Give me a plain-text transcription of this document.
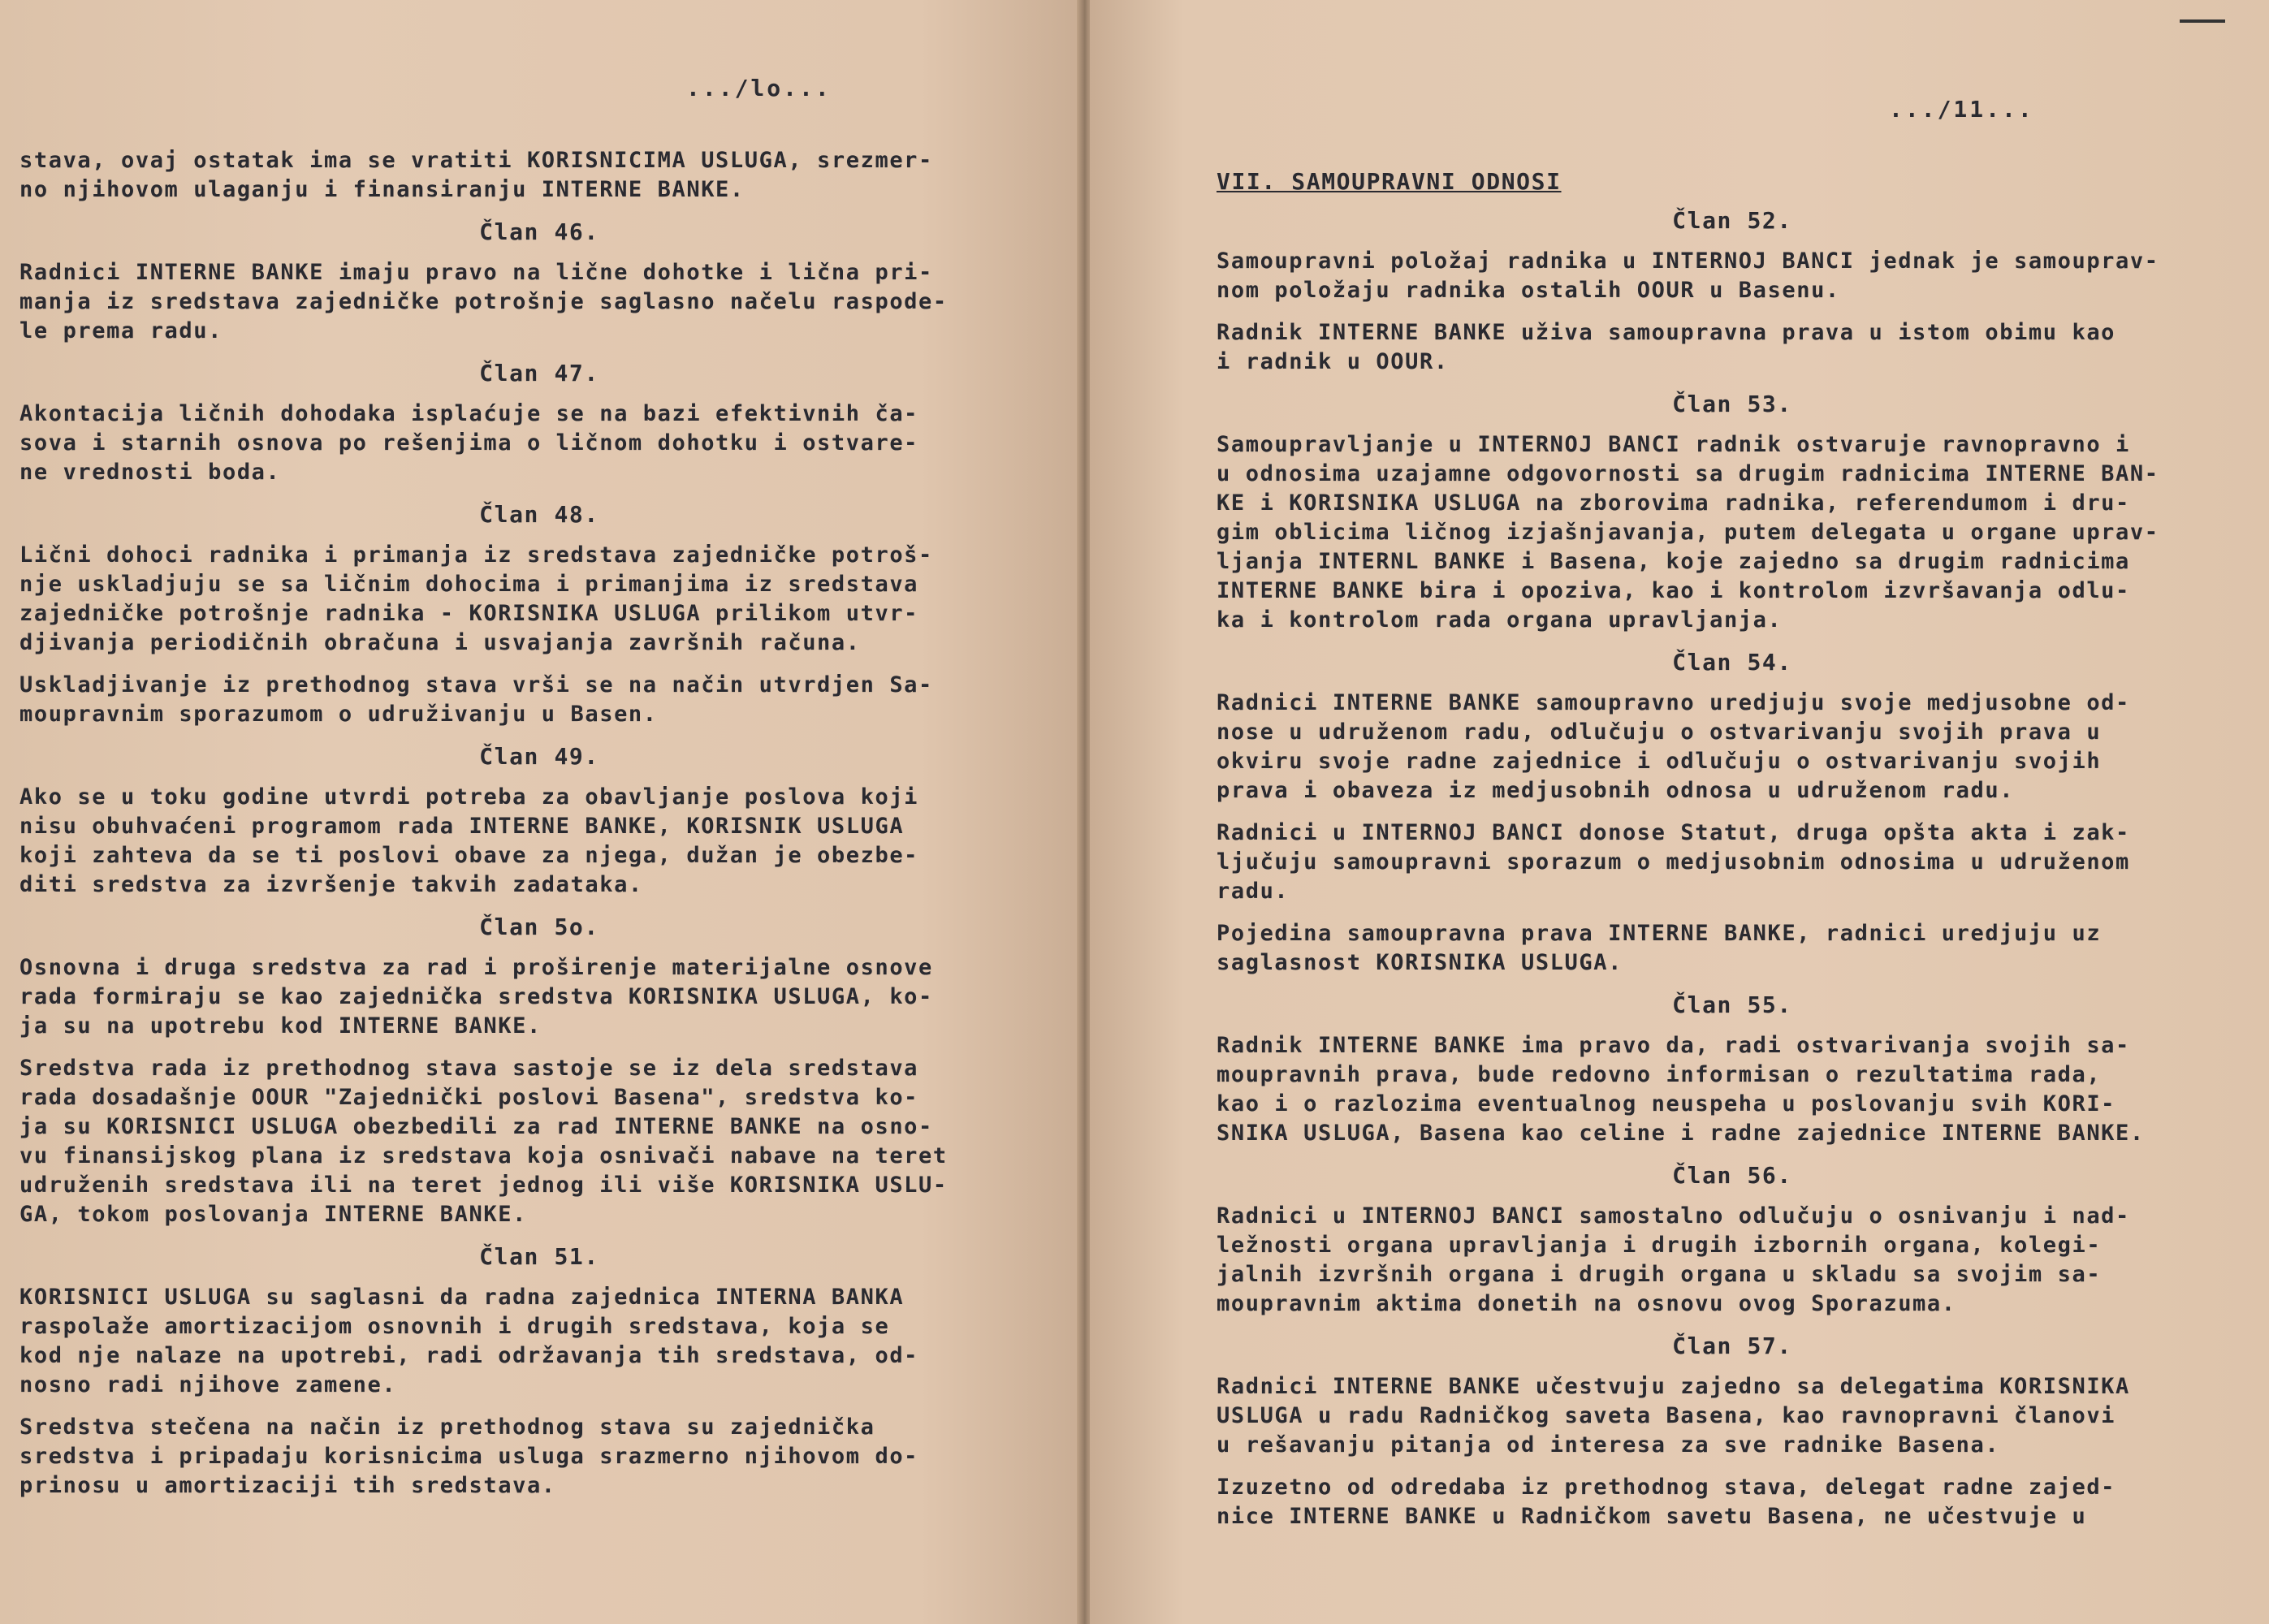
.../lo...
stava, ovaj ostatak ima se vratiti KORISNICIMA USLUGA, srezmer-
no njihovom ulaganju i finansiranju INTERNE BANKE.
Član 46.
Radnici INTERNE BANKE imaju pravo na lične dohotke i lična pri-
manja iz sredstava zajedničke potrošnje saglasno načelu raspode-
le prema radu.
Član 47.
Akontacija ličnih dohodaka isplaćuje se na bazi efektivnih ča-
sova i starnih osnova po rešenjima o ličnom dohotku i ostvare-
ne vrednosti boda.
Član 48.
Lični dohoci radnika i primanja iz sredstava zajedničke potroš-
nje uskladjuju se sa ličnim dohocima i primanjima iz sredstava
zajedničke potrošnje radnika - KORISNIKA USLUGA prilikom utvr-
djivanja periodičnih obračuna i usvajanja završnih računa.
Uskladjivanje iz prethodnog stava vrši se na način utvrdjen Sa-
moupravnim sporazumom o udruživanju u Basen.
Član 49.
Ako se u toku godine utvrdi potreba za obavljanje poslova koji
nisu obuhvaćeni programom rada INTERNE BANKE, KORISNIK USLUGA
koji zahteva da se ti poslovi obave za njega, dužan je obezbe-
diti sredstva za izvršenje takvih zadataka.
Član 5o.
Osnovna i druga sredstva za rad i proširenje materijalne osnove
rada formiraju se kao zajednička sredstva KORISNIKA USLUGA, ko-
ja su na upotrebu kod INTERNE BANKE.
Sredstva rada iz prethodnog stava sastoje se iz dela sredstava
rada dosadašnje OOUR "Zajednički poslovi Basena", sredstva ko-
ja su KORISNICI USLUGA obezbedili za rad INTERNE BANKE na osno-
vu finansijskog plana iz sredstava koja osnivači nabave na teret
udruženih sredstava ili na teret jednog ili više KORISNIKA USLU-
GA, tokom poslovanja INTERNE BANKE.
Član 51.
KORISNICI USLUGA su saglasni da radna zajednica INTERNA BANKA
raspolaže amortizacijom osnovnih i drugih sredstava, koja se
kod nje nalaze na upotrebi, radi održavanja tih sredstava, od-
nosno radi njihove zamene.
Sredstva stečena na način iz prethodnog stava su zajednička
sredstva i pripadaju korisnicima usluga srazmerno njihovom do-
prinosu u amortizaciji tih sredstava.
.../11...
VII. SAMOUPRAVNI ODNOSI
Član 52.
Samoupravni položaj radnika u INTERNOJ BANCI jednak je samouprav-
nom položaju radnika ostalih OOUR u Basenu.
Radnik INTERNE BANKE uživa samoupravna prava u istom obimu kao
i radnik u OOUR.
Član 53.
Samoupravljanje u INTERNOJ BANCI radnik ostvaruje ravnopravno i
u odnosima uzajamne odgovornosti sa drugim radnicima INTERNE BAN-
KE i KORISNIKA USLUGA na zborovima radnika, referendumom i dru-
gim oblicima ličnog izjašnjavanja, putem delegata u organe uprav-
ljanja INTERNL BANKE i Basena, koje zajedno sa drugim radnicima
INTERNE BANKE bira i opoziva, kao i kontrolom izvršavanja odlu-
ka i kontrolom rada organa upravljanja.
Član 54.
Radnici INTERNE BANKE samoupravno uredjuju svoje medjusobne od-
nose u udruženom radu, odlučuju o ostvarivanju svojih prava u
okviru svoje radne zajednice i odlučuju o ostvarivanju svojih
prava i obaveza iz medjusobnih odnosa u udruženom radu.
Radnici u INTERNOJ BANCI donose Statut, druga opšta akta i zak-
ljučuju samoupravni sporazum o medjusobnim odnosima u udruženom
radu.
Pojedina samoupravna prava INTERNE BANKE, radnici uredjuju uz
saglasnost KORISNIKA USLUGA.
Član 55.
Radnik INTERNE BANKE ima pravo da, radi ostvarivanja svojih sa-
moupravnih prava, bude redovno informisan o rezultatima rada,
kao i o razlozima eventualnog neuspeha u poslovanju svih KORI-
SNIKA USLUGA, Basena kao celine i radne zajednice INTERNE BANKE.
Član 56.
Radnici u INTERNOJ BANCI samostalno odlučuju o osnivanju i nad-
ležnosti organa upravljanja i drugih izbornih organa, kolegi-
jalnih izvršnih organa i drugih organa u skladu sa svojim sa-
moupravnim aktima donetih na osnovu ovog Sporazuma.
Član 57.
Radnici INTERNE BANKE učestvuju zajedno sa delegatima KORISNIKA
USLUGA u radu Radničkog saveta Basena, kao ravnopravni članovi
u rešavanju pitanja od interesa za sve radnike Basena.
Izuzetno od odredaba iz prethodnog stava, delegat radne zajed-
nice INTERNE BANKE u Radničkom savetu Basena, ne učestvuje u
